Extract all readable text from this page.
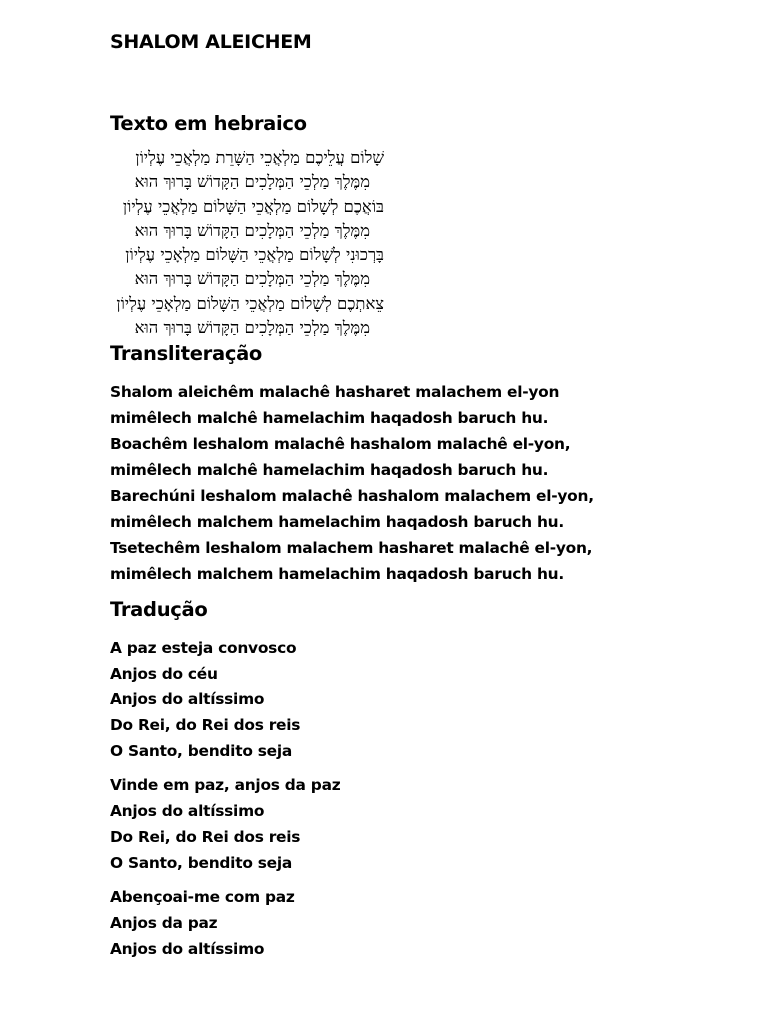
SHALOM ALEICHEM
Texto em hebraico
שָׁלוֹם עֲלֵיכֶם מַלְאֲכֵי הַשָּׁרֵת מַלְאֲכֵי עֶלְיוֹן
מִמֶּלֶךְ מַלְכֵי הַמְּלָכִים הַקָּדוֹשׁ בָּרוּךְ הוּא
בּוֹאֲכֶם לְשָׁלוֹם מַלְאֲכֵי הַשָּׁלוֹם מַלְאֲכֵי עֶלְיוֹן
מִמֶּלֶךְ מַלְכֵי הַמְּלָכִים הַקָּדוֹשׁ בָּרוּךְ הוּא
בָּרְכוּנִי לְשָׁלוֹם מַלְאֲכֵי הַשָּׁלוֹם מַלְאָכֵי עֶלְיוֹן
מִמֶּלֶךְ מַלְכֵי הַמְּלָכִים הַקָּדוֹשׁ בָּרוּךְ הוּא
צֵאתְכֶם לְשָׁלוֹם מַלְאֲכֵי הַשָּׁלוֹם מַלְאָכֵי עֶלְיוֹן
מִמֶּלֶךְ מַלְכֵי הַמְּלָכִים הַקָּדוֹשׁ בָּרוּךְ הוּא
Transliteração
Shalom aleichêm malachê hasharet malachem el-yon
mimêlech malchê hamelachim haqadosh baruch hu.
Boachêm leshalom malachê hashalom malachê el-yon,
mimêlech malchê hamelachim haqadosh baruch hu.
Barechúni leshalom malachê hashalom malachem el-yon,
mimêlech malchem hamelachim haqadosh baruch hu.
Tsetechêm leshalom malachem hasharet malachê el-yon,
mimêlech malchem hamelachim haqadosh baruch hu.
Tradução
A paz esteja convosco
Anjos do céu
Anjos do altíssimo
Do Rei, do Rei dos reis
O Santo, bendito seja
Vinde em paz, anjos da paz
Anjos do altíssimo
Do Rei, do Rei dos reis
O Santo, bendito seja
Abençoai-me com paz
Anjos da paz
Anjos do altíssimo
